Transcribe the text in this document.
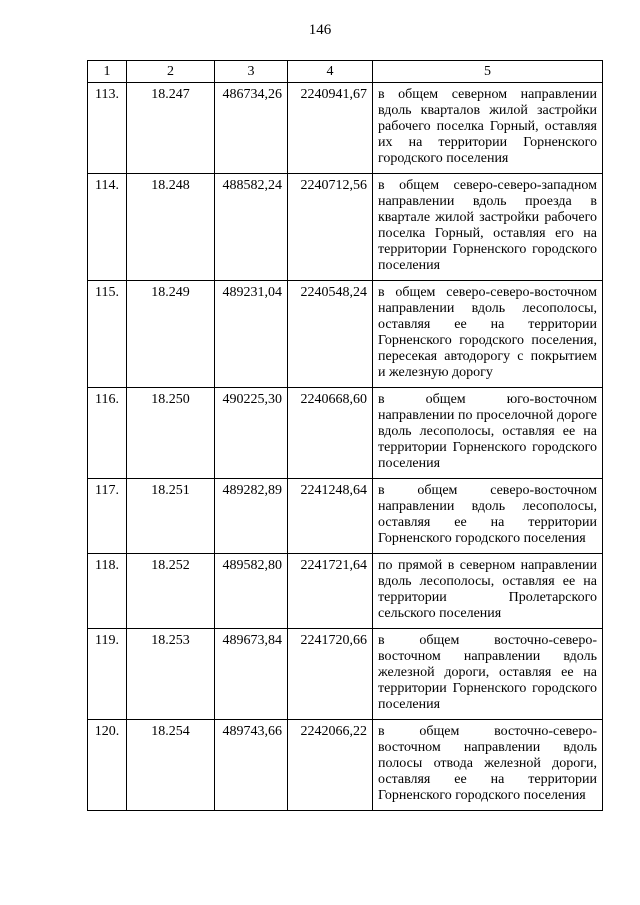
146
1	2	3	4	5
113.	18.247	486734,26	2240941,67	в общем северном направлении вдоль кварталов жилой застройки рабочего поселка Горный, оставляя их на территории Горненского городского поселения
114.	18.248	488582,24	2240712,56	в общем северо-северо-западном направлении вдоль проезда в квартале жилой застройки рабочего поселка Горный, оставляя его на территории Горненского городского поселения
115.	18.249	489231,04	2240548,24	в общем северо-северо-восточном направлении вдоль лесополосы, оставляя ее на территории Горненского городского поселения, пересекая автодорогу с покрытием и железную дорогу
116.	18.250	490225,30	2240668,60	в общем юго-восточном направлении по проселочной дороге вдоль лесополосы, оставляя ее на территории Горненского городского поселения
117.	18.251	489282,89	2241248,64	в общем северо-восточном направлении вдоль лесополосы, оставляя ее на территории Горненского городского поселения
118.	18.252	489582,80	2241721,64	по прямой в северном направлении вдоль лесополосы, оставляя ее на территории Пролетарского сельского поселения
119.	18.253	489673,84	2241720,66	в общем восточно-северо-восточном направлении вдоль железной дороги, оставляя ее на территории Горненского городского поселения
120.	18.254	489743,66	2242066,22	в общем восточно-северо-восточном направлении вдоль полосы отвода железной дороги, оставляя ее на территории Горненского городского поселения
